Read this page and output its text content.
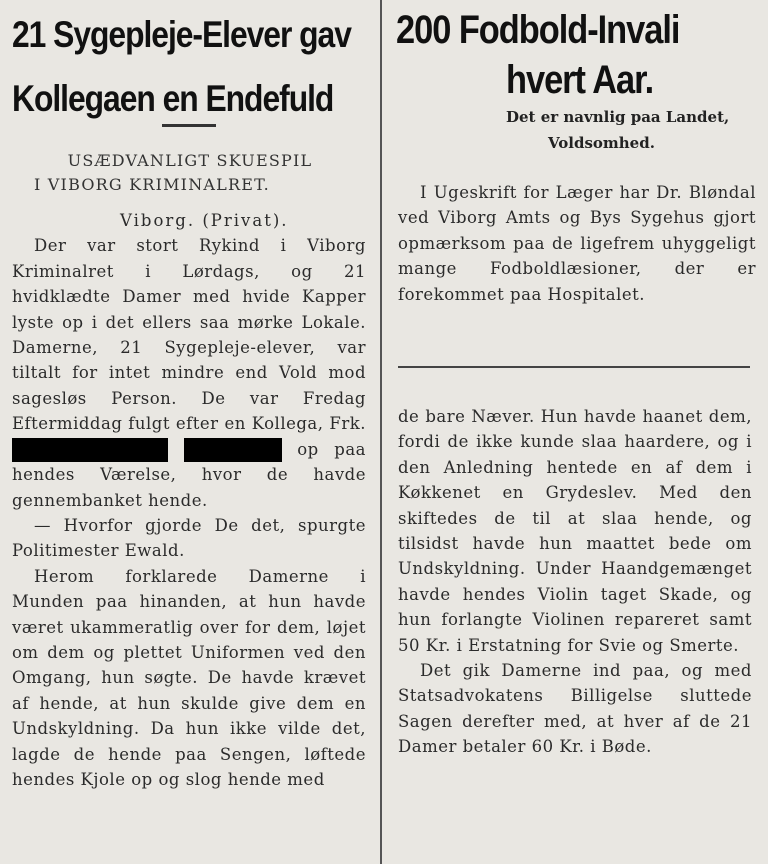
21 Sygepleje-Elever gav
Kollegaen en Endefuld
USÆDVANLIGT SKUESPIL
I VIBORG KRIMINALRET.

Viborg. (Privat).

Der var stort Rykind i Viborg Kriminalret i Lørdags, og 21 hvidklædte Damer med hvide Kapper lyste op i det ellers saa mørke Lokale. Damerne, 21 Sygepleje-elever, var tiltalt for intet mindre end Vold mod sagesløs Person. De var Fredag Eftermiddag fulgt efter en Kollega, Frk.   op paa hendes Værelse, hvor de havde gennembanket hende.

— Hvorfor gjorde De det, spurgte Politimester Ewald.

Herom forklarede Damerne i Munden paa hinanden, at hun havde været ukammeratlig over for dem, løjet om dem og plettet Uniformen ved den Omgang, hun søgte. De havde krævet af hende, at hun skulde give dem en Undskyldning. Da hun ikke vilde det, lagde de hende paa Sengen, løftede hendes Kjole op og slog hende med

200 Fodbold-Invali
hvert Aar.
Det er navnlig paa Landet,
Voldsomhed.

I Ugeskrift for Læger har Dr. Bløndal ved Viborg Amts og Bys Sygehus gjort opmærksom paa de ligefrem uhyggeligt mange Fodboldlæsioner, der er forekommet paa Hospitalet.

de bare Næver. Hun havde haanet dem, fordi de ikke kunde slaa haardere, og i den Anledning hentede en af dem i Køkkenet en Grydeslev. Med den skiftedes de til at slaa hende, og tilsidst havde hun maattet bede om Undskyldning. Under Haandgemænget havde hendes Violin taget Skade, og hun forlangte Violinen repareret samt 50 Kr. i Erstatning for Svie og Smerte.

Det gik Damerne ind paa, og med Statsadvokatens Billigelse sluttede Sagen derefter med, at hver af de 21 Damer betaler 60 Kr. i Bøde.
